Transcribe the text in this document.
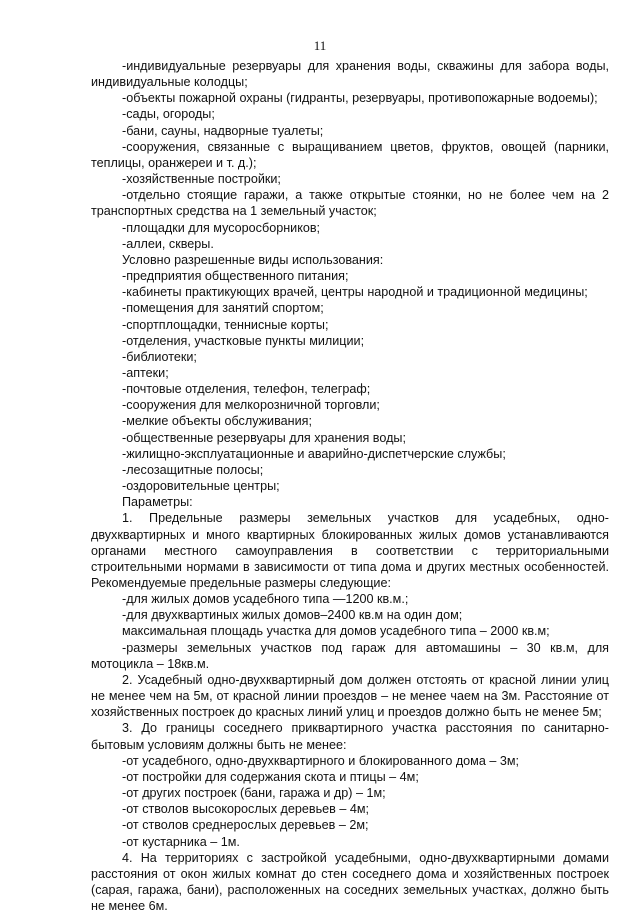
11

-индивидуальные резервуары для хранения воды, скважины для забора воды, индивидуальные колодцы;

-объекты пожарной охраны (гидранты, резервуары, противопожарные водоемы);

-сады, огороды;

-бани, сауны, надворные туалеты;

-сооружения, связанные с выращиванием цветов, фруктов, овощей (парники, теплицы, оранжереи и т. д.);

-хозяйственные постройки;

-отдельно стоящие гаражи, а также открытые стоянки, но не более чем на 2 транспортных средства на 1 земельный участок;

-площадки для мусоросборников;

-аллеи, скверы.

Условно разрешенные виды использования:

-предприятия общественного питания;

-кабинеты практикующих врачей, центры народной и традиционной медицины;

-помещения для занятий спортом;

-спортплощадки, теннисные корты;

-отделения, участковые пункты милиции;

-библиотеки;

-аптеки;

-почтовые отделения, телефон, телеграф;

-сооружения для мелкорозничной торговли;

-мелкие объекты обслуживания;

-общественные резервуары для хранения воды;

-жилищно-эксплуатационные и аварийно-диспетчерские службы;

-лесозащитные полосы;

-оздоровительные центры;

Параметры:

1. Предельные размеры земельных участков для усадебных, одно-двухквартирных и много квартирных блокированных жилых домов устанавливаются органами местного самоуправления в соответствии с территориальными строительными нормами в зависимости от типа дома и других местных особенностей. Рекомендуемые предельные размеры следующие:

-для жилых домов усадебного типа —1200 кв.м.;

-для двухквартиных жилых домов–2400 кв.м на один дом;

максимальная площадь участка для домов усадебного типа – 2000 кв.м;

-размеры земельных участков под гараж для автомашины – 30 кв.м, для мотоцикла – 18кв.м.

2. Усадебный одно-двухквартирный дом должен отстоять от красной линии улиц не менее чем на 5м, от красной линии проездов – не менее чаем на 3м. Расстояние от хозяйственных построек до красных линий улиц и проездов должно быть не менее 5м;

3. До границы соседнего приквартирного участка расстояния по санитарно-бытовым условиям должны быть не менее:

-от усадебного, одно-двухквартирного и блокированного дома – 3м;

-от постройки для содержания скота и птицы – 4м;

-от других построек (бани, гаража и др) – 1м;

-от стволов высокорослых деревьев – 4м;

-от стволов среднерослых деревьев – 2м;

-от кустарника – 1м.

4. На территориях с застройкой усадебными, одно-двухквартирными домами расстояния от окон жилых комнат до стен соседнего дома и хозяйственных построек (сарая, гаража, бани), расположенных на соседних земельных участках, должно быть не менее 6м.
